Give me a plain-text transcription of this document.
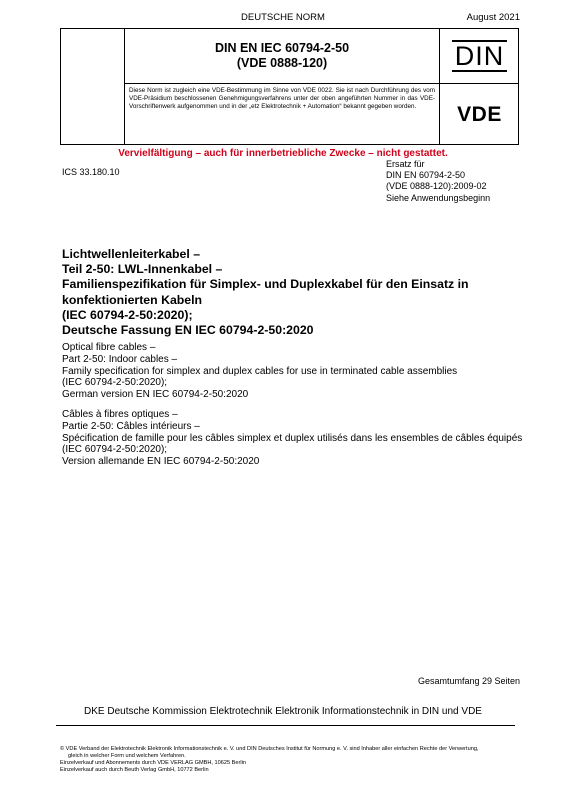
DEUTSCHE NORM	August 2021
DIN EN IEC 60794-2-50
(VDE 0888-120)	DIN
Diese Norm ist zugleich eine VDE-Bestimmung im Sinne von VDE 0022. Sie ist nach Durchführung des vom VDE-Präsidium beschlossenen Genehmigungsverfahrens unter der oben angeführten Nummer in das VDE-Vorschriftenwerk aufgenommen und in der „etz Elektrotechnik + Automation“ bekannt gegeben worden.	VDE
Vervielfältigung – auch für innerbetriebliche Zwecke – nicht gestattet.
ICS 33.180.10
Ersatz für
DIN EN 60794-2-50
(VDE 0888-120):2009-02
Siehe Anwendungsbeginn
Lichtwellenleiterkabel –
Teil 2-50: LWL-Innenkabel –
Familienspezifikation für Simplex- und Duplexkabel für den Einsatz in konfektionierten Kabeln
(IEC 60794-2-50:2020);
Deutsche Fassung EN IEC 60794-2-50:2020
Optical fibre cables –
Part 2-50: Indoor cables –
Family specification for simplex and duplex cables for use in terminated cable assemblies
(IEC 60794-2-50:2020);
German version EN IEC 60794-2-50:2020
Câbles à fibres optiques –
Partie 2-50: Câbles intérieurs –
Spécification de famille pour les câbles simplex et duplex utilisés dans les ensembles de câbles équipés
(IEC 60794-2-50:2020);
Version allemande EN IEC 60794-2-50:2020
Gesamtumfang 29 Seiten
DKE Deutsche Kommission Elektrotechnik Elektronik Informationstechnik in DIN und VDE
© VDE Verband der Elektrotechnik Elektronik Informationstechnik e. V. und DIN Deutsches Institut für Normung e. V. sind Inhaber aller einfachen Rechte der Verwertung,
gleich in welcher Form und welchem Verfahren.
Einzelverkauf und Abonnements durch VDE VERLAG GMBH, 10625 Berlin
Einzelverkauf auch durch Beuth Verlag GmbH, 10772 Berlin
